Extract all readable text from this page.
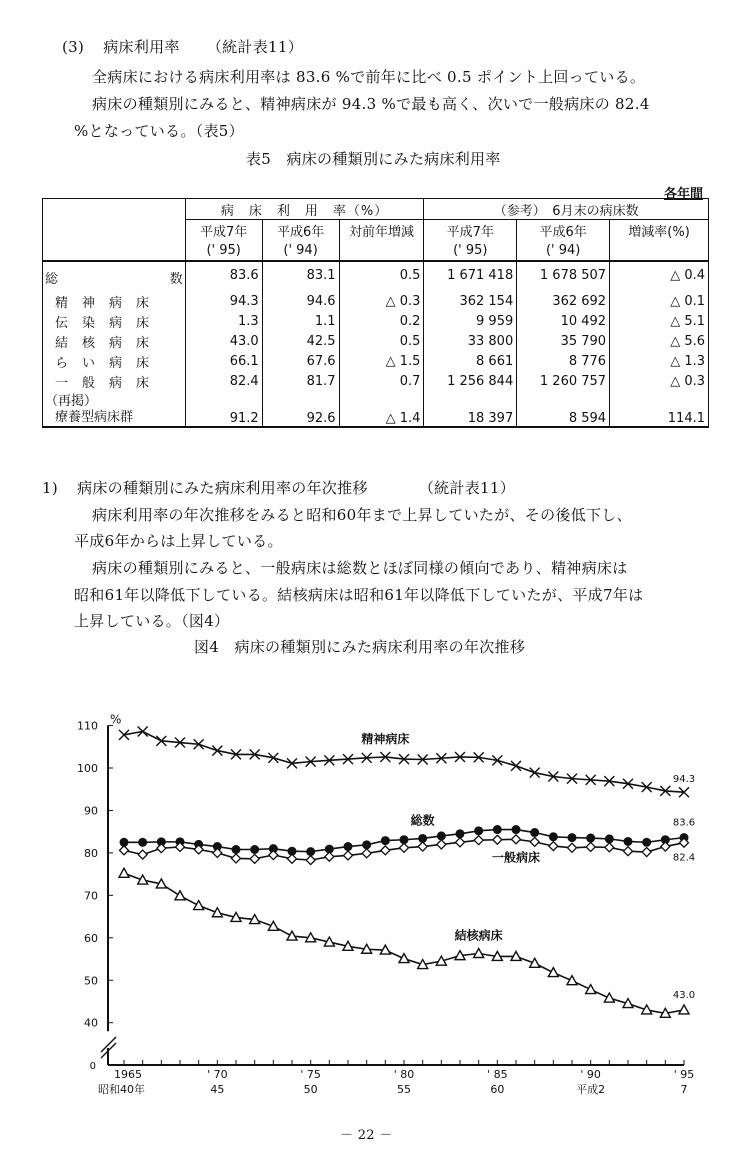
(3) 病床利用率 （統計表11）
全病床における病床利用率は 83.6 %で前年に比べ 0.5 ポイント上回っている。
病床の種類別にみると、精神病床が 94.3 %で最も高く、次いで一般病床の 82.4
%となっている。（表5）
表5　病床の種類別にみた病床利用率
各年間
	病　床　利　用　率（%）			（参考）　6月末の病床数		
	平成7年	平成6年	対前年増減	平成7年	平成6年	増減率(%)
	(' 95)	(' 94)		(' 95)	(' 94)	
総 数	83.6	83.1	0.5	1 671 418	1 678 507	△ 0.4
精神病床	94.3	94.6	△ 0.3	362 154	362 692	△ 0.1
伝染病床	1.3	1.1	0.2	9 959	10 492	△ 5.1
結核病床	43.0	42.5	0.5	33 800	35 790	△ 5.6
らい病床	66.1	67.6	△ 1.5	8 661	8 776	△ 1.3
一般病床	82.4	81.7	0.7	1 256 844	1 260 757	△ 0.3

（再掲）
療養型病床群	91.2	92.6	△ 1.4	18 397	8 594	114.1
1) 病床の種類別にみた病床利用率の年次推移	（統計表11）
病床利用率の年次推移をみると昭和60年まで上昇していたが、その後低下し、
平成6年からは上昇している。
病床の種類別にみると、一般病床は総数とほぼ同様の傾向であり、精神病床は
昭和61年以降低下している。結核病床は昭和61年以降低下していたが、平成7年は
上昇している。（図4）
図4　病床の種類別にみた病床利用率の年次推移
0
40
50
60
70
80
90
100
110 %
1965	' 70	' 75	' 80	' 85	' 90	' 95
昭和40年	45	50	55	60	平成2	7
精神病床
総数
一般病床
結核病床
94.3
83.6
82.4
43.0
－ 22 －
